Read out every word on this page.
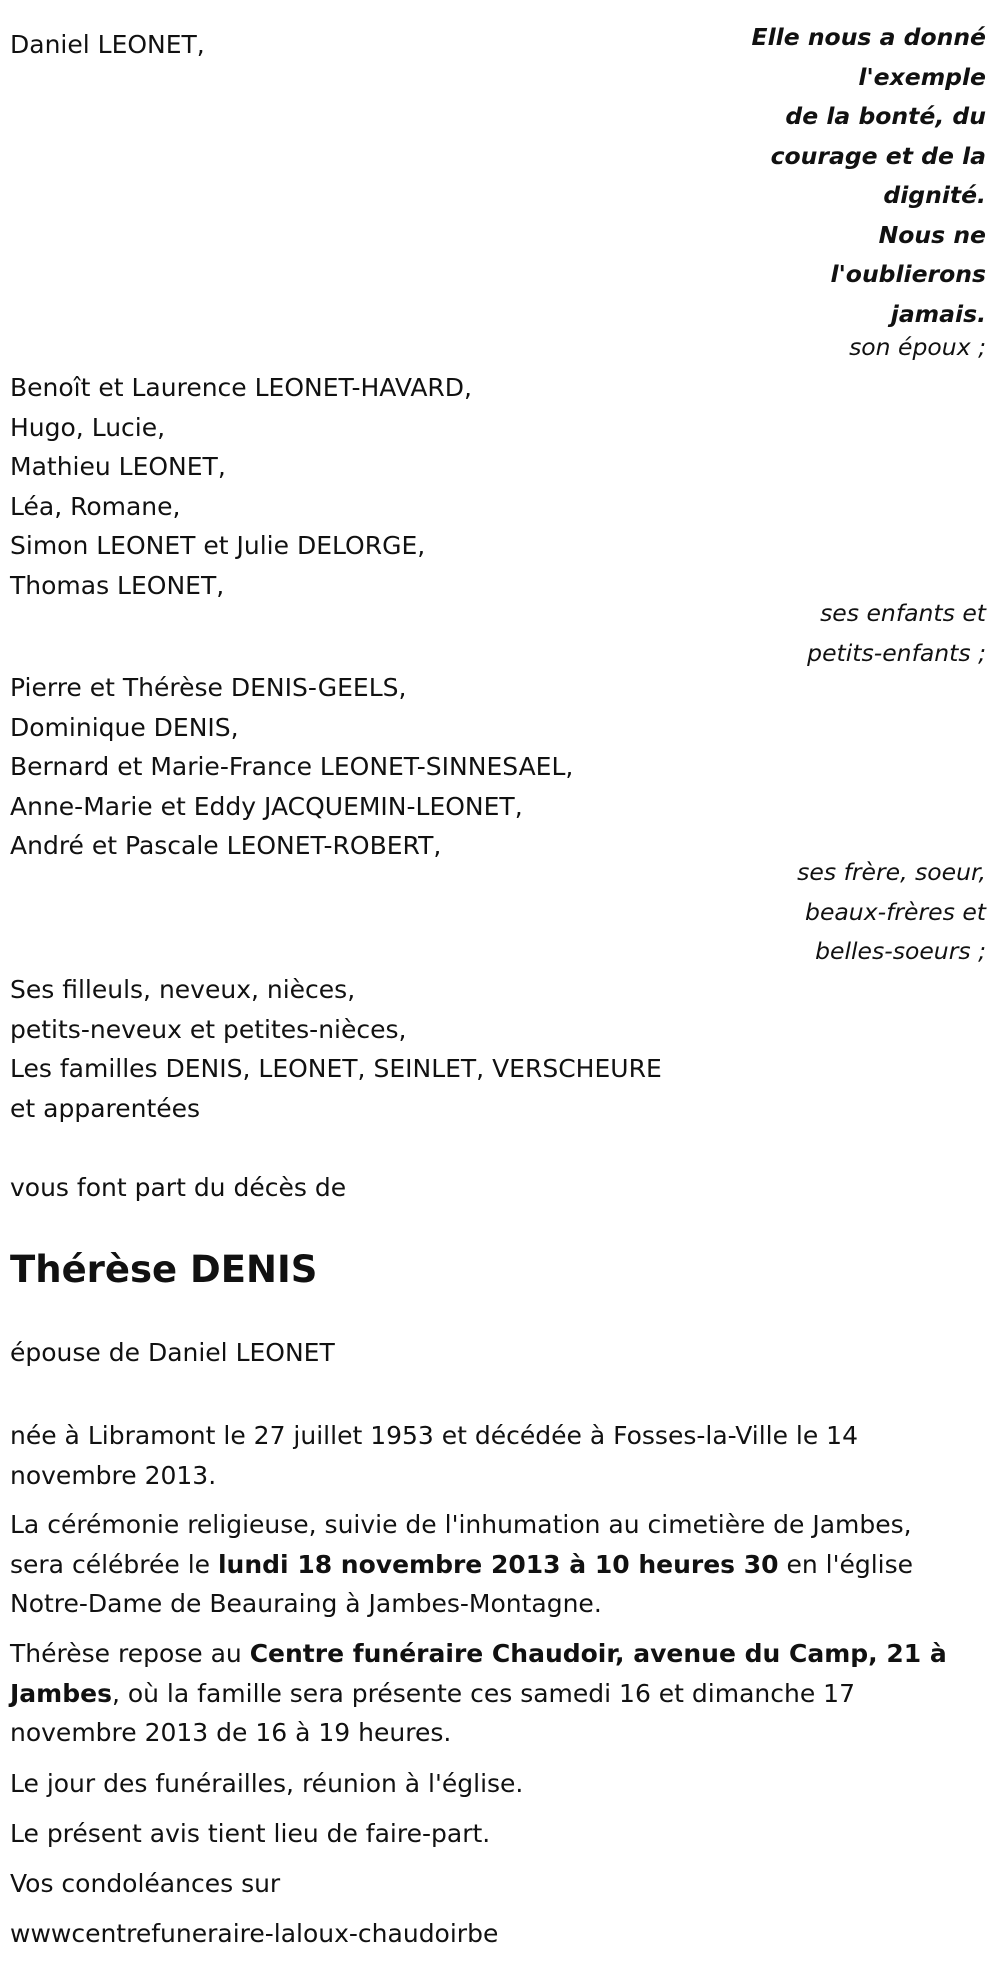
Daniel LEONET,	Elle nous a donné
l'exemple
de la bonté, du
courage et de la
dignité.
Nous ne
l'oublierons
jamais.
son époux ;
Benoît et Laurence LEONET-HAVARD,
Hugo, Lucie,
Mathieu LEONET,
Léa, Romane,
Simon LEONET et Julie DELORGE,
Thomas LEONET,
ses enfants et
petits-enfants ;
Pierre et Thérèse DENIS-GEELS,
Dominique DENIS,
Bernard et Marie-France LEONET-SINNESAEL,
Anne-Marie et Eddy JACQUEMIN-LEONET,
André et Pascale LEONET-ROBERT,
ses frère, soeur,
beaux-frères et
belles-soeurs ;
Ses filleuls, neveux, nièces,
petits-neveux et petites-nièces,
Les familles DENIS, LEONET, SEINLET, VERSCHEURE
et apparentées
vous font part du décès de
Thérèse DENIS
épouse de Daniel LEONET
née à Libramont le 27 juillet 1953 et décédée à Fosses-la-Ville le 14
novembre 2013.
La cérémonie religieuse, suivie de l'inhumation au cimetière de Jambes,
sera célébrée le lundi 18 novembre 2013 à 10 heures 30 en l'église
Notre-Dame de Beauraing à Jambes-Montagne.
Thérèse repose au Centre funéraire Chaudoir, avenue du Camp, 21 à
Jambes, où la famille sera présente ces samedi 16 et dimanche 17
novembre 2013 de 16 à 19 heures.
Le jour des funérailles, réunion à l'église.
Le présent avis tient lieu de faire-part.
Vos condoléances sur
wwwcentrefuneraire-laloux-chaudoirbe
